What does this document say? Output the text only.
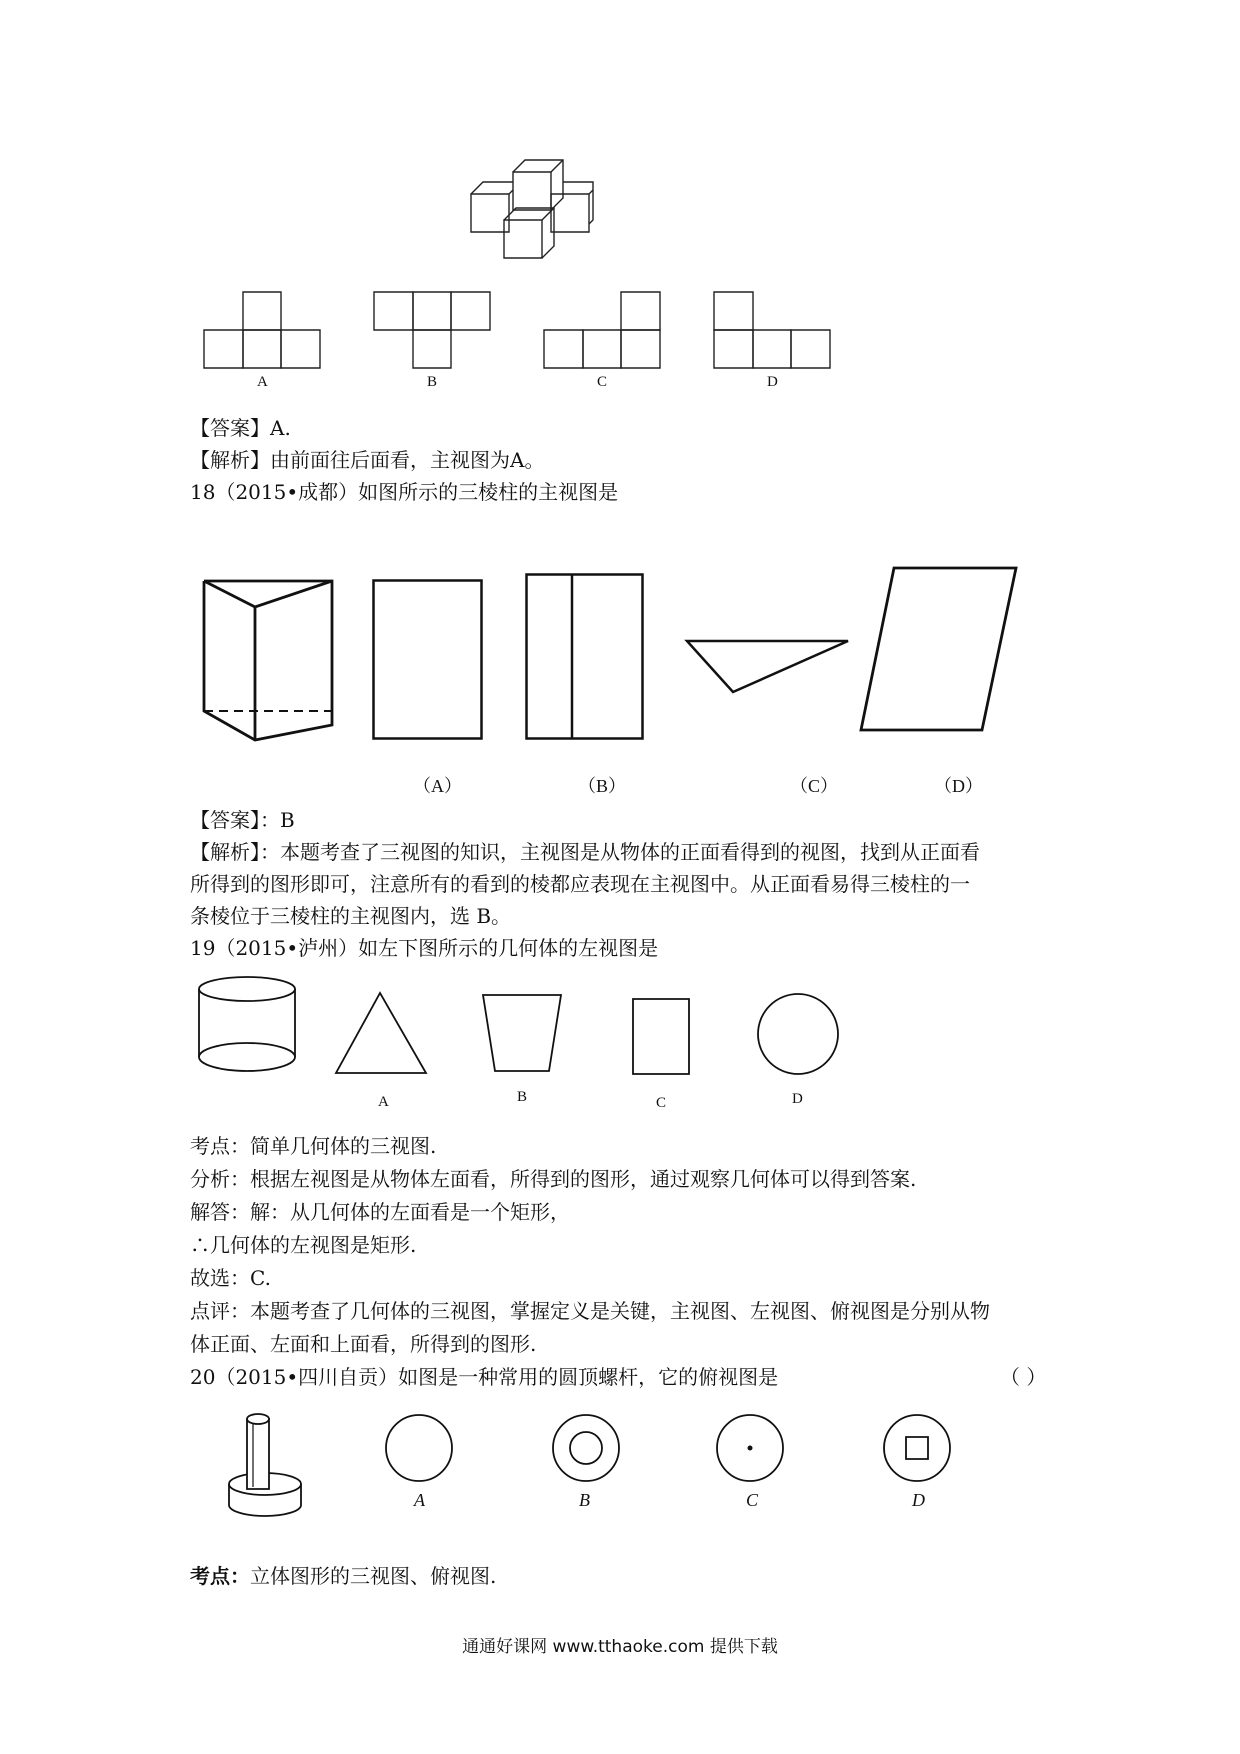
A	B	C	D
【答案】A.
【解析】由前面往后面看，主视图为A。
18（2015•成都）如图所示的三棱柱的主视图是
（A）	（B）	（C）	（D）
【答案】：B
【解析】：本题考查了三视图的知识，主视图是从物体的正面看得到的视图，找到从正面看
所得到的图形即可，注意所有的看到的棱都应表现在主视图中。从正面看易得三棱柱的一
条棱位于三棱柱的主视图内，选 B。
19（2015•泸州）如左下图所示的几何体的左视图是
A	B	C	D
考点：简单几何体的三视图.
分析：根据左视图是从物体左面看，所得到的图形，通过观察几何体可以得到答案.
解答：解：从几何体的左面看是一个矩形，
∴几何体的左视图是矩形.
故选：C.
点评：本题考查了几何体的三视图，掌握定义是关键，主视图、左视图、俯视图是分别从物
体正面、左面和上面看，所得到的图形.
20（2015•四川自贡）如图是一种常用的圆顶螺杆，它的俯视图是	（ ）
A	B	C	D
考点：立体图形的三视图、俯视图.
通通好课网 www.tthaoke.com 提供下载
